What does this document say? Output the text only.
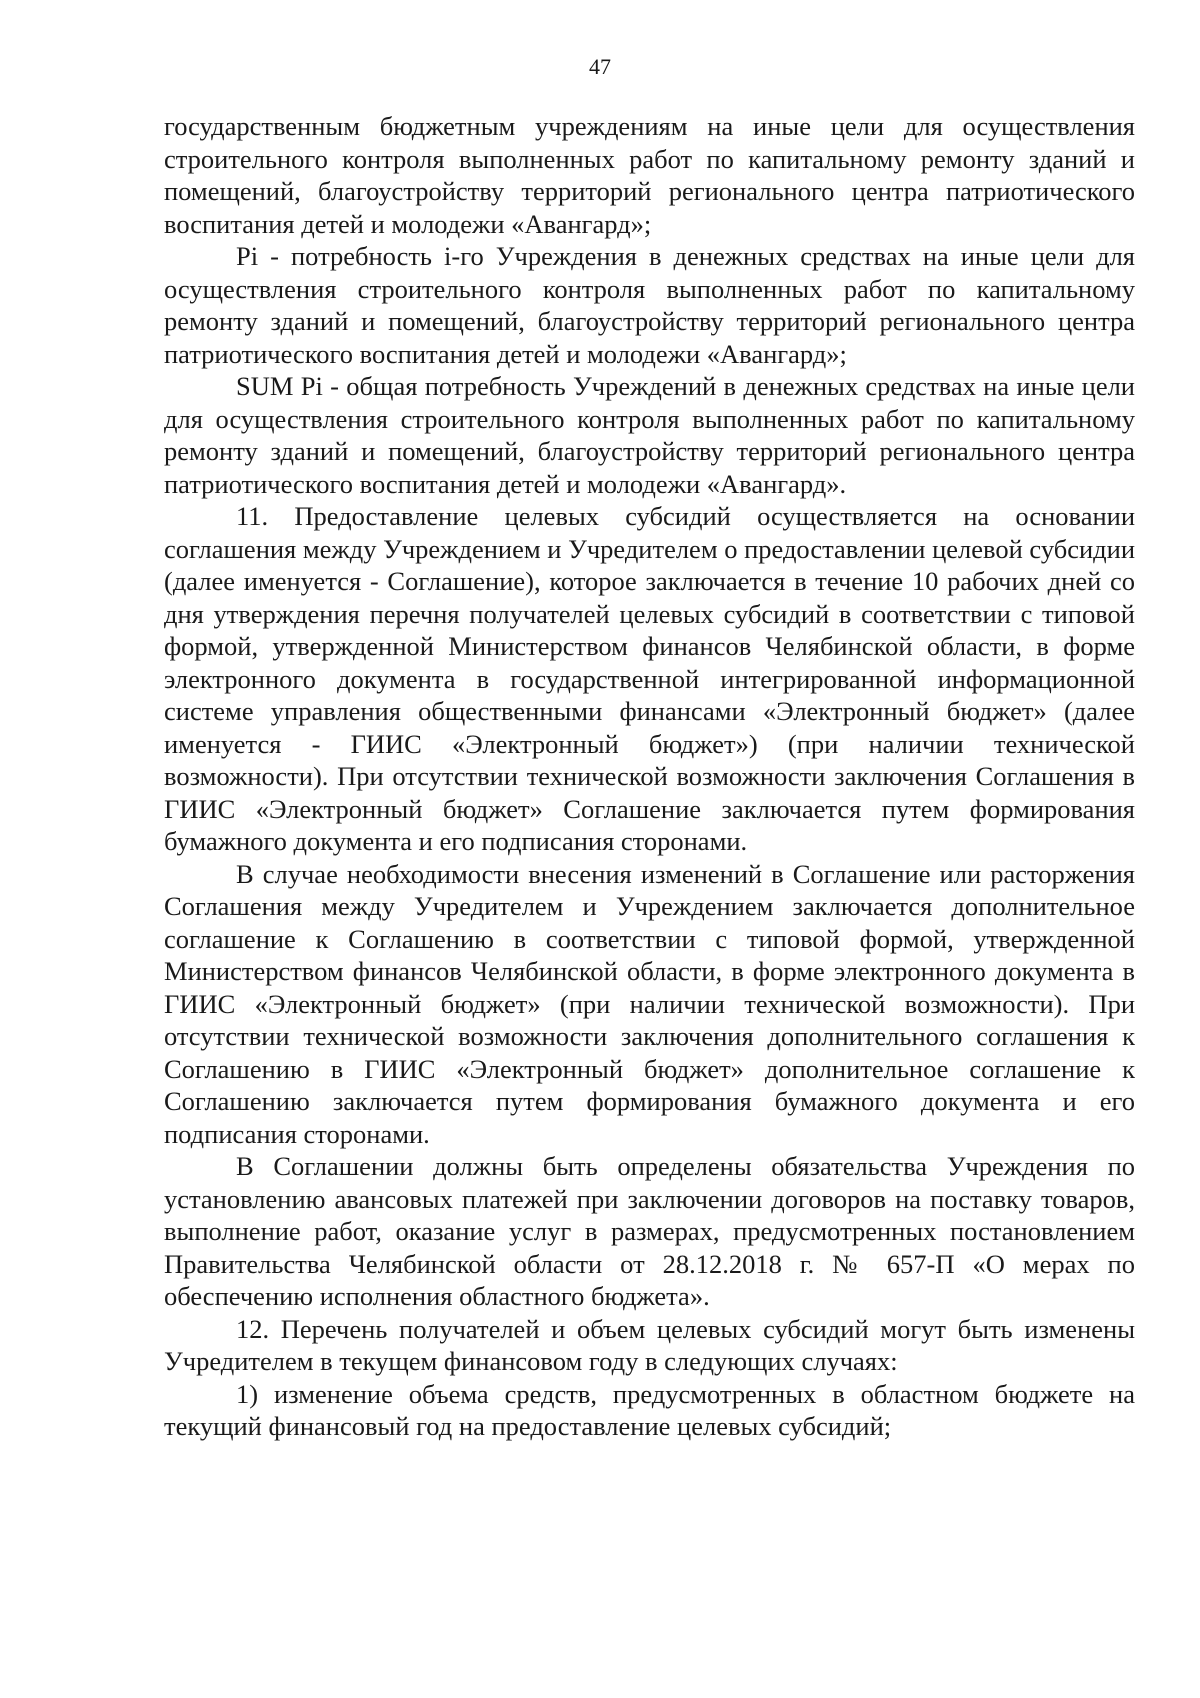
47

государственным бюджетным учреждениям на иные цели для осуществления строительного контроля выполненных работ по капитальному ремонту зданий и помещений, благоустройству территорий регионального центра патриотического воспитания детей и молодежи «Авангард»;

Pi - потребность i-го Учреждения в денежных средствах на иные цели для осуществления строительного контроля выполненных работ по капитальному ремонту зданий и помещений, благоустройству территорий регионального центра патриотического воспитания детей и молодежи «Авангард»;

SUM Pi - общая потребность Учреждений в денежных средствах на иные цели для осуществления строительного контроля выполненных работ по капитальному ремонту зданий и помещений, благоустройству территорий регионального центра патриотического воспитания детей и молодежи «Авангард».

11. Предоставление целевых субсидий осуществляется на основании соглашения между Учреждением и Учредителем о предоставлении целевой субсидии (далее именуется - Соглашение), которое заключается в течение 10 рабочих дней со дня утверждения перечня получателей целевых субсидий в соответствии с типовой формой, утвержденной Министерством финансов Челябинской области, в форме электронного документа в государственной интегрированной информационной системе управления общественными финансами «Электронный бюджет» (далее именуется - ГИИС «Электронный бюджет») (при наличии технической возможности). При отсутствии технической возможности заключения Соглашения в ГИИС «Электронный бюджет» Соглашение заключается путем формирования бумажного документа и его подписания сторонами.

В случае необходимости внесения изменений в Соглашение или расторжения Соглашения между Учредителем и Учреждением заключается дополнительное соглашение к Соглашению в соответствии с типовой формой, утвержденной Министерством финансов Челябинской области, в форме электронного документа в ГИИС «Электронный бюджет» (при наличии технической возможности). При отсутствии технической возможности заключения дополнительного соглашения к Соглашению в ГИИС «Электронный бюджет» дополнительное соглашение к Соглашению заключается путем формирования бумажного документа и его подписания сторонами.

В Соглашении должны быть определены обязательства Учреждения по установлению авансовых платежей при заключении договоров на поставку товаров, выполнение работ, оказание услуг в размерах, предусмотренных постановлением Правительства Челябинской области от 28.12.2018 г. № 657-П «О мерах по обеспечению исполнения областного бюджета».

12. Перечень получателей и объем целевых субсидий могут быть изменены Учредителем в текущем финансовом году в следующих случаях:

1) изменение объема средств, предусмотренных в областном бюджете на текущий финансовый год на предоставление целевых субсидий;
